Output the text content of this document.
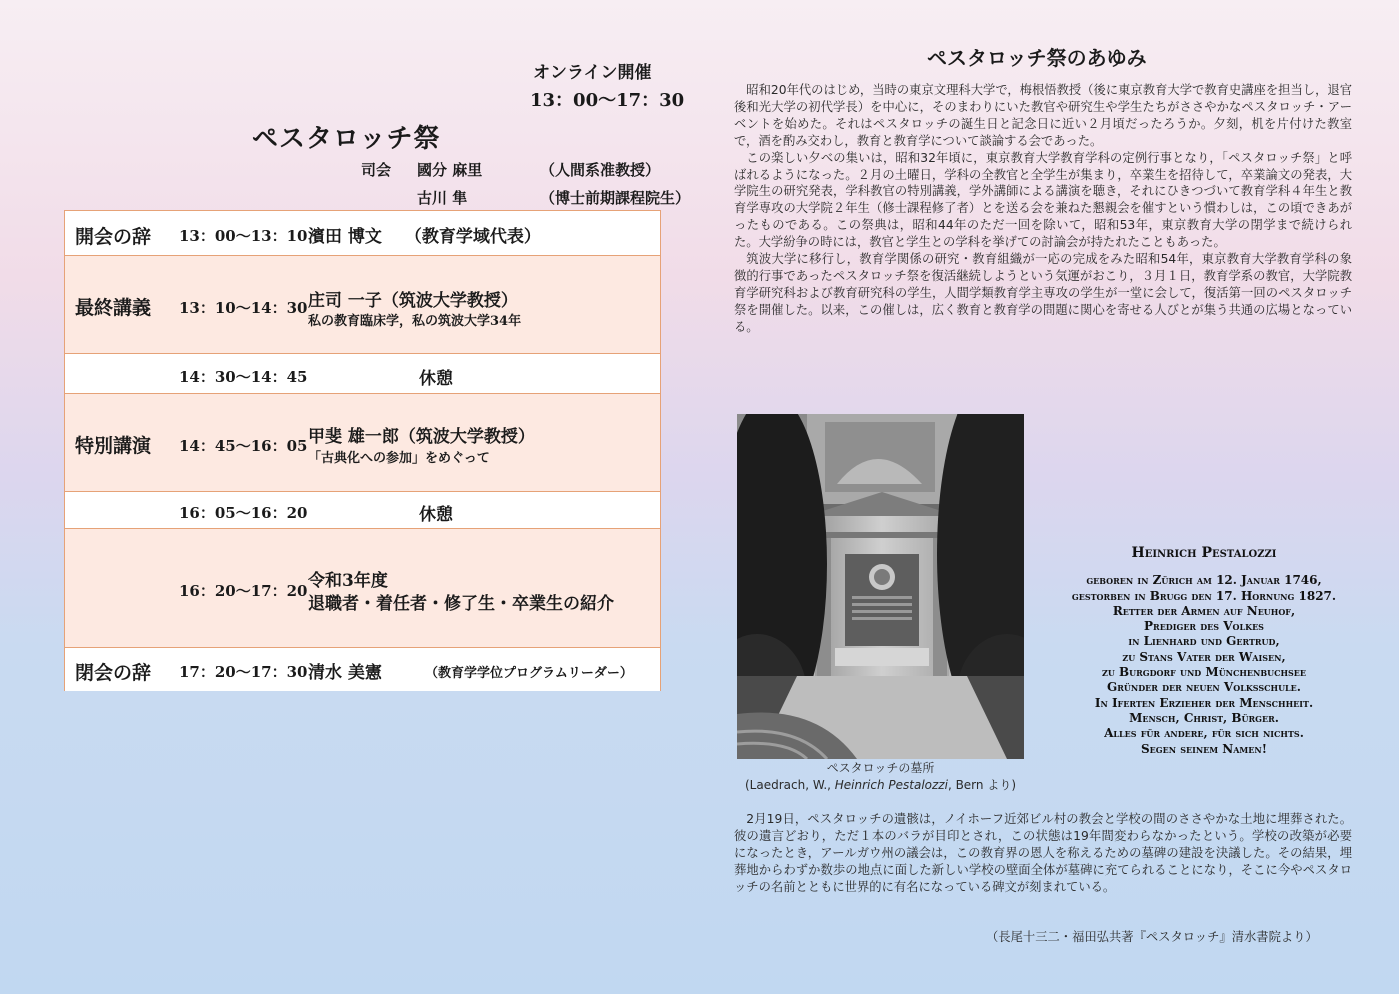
オンライン開催
13：00～17：30
ペスタロッチ祭
司会 國分 麻里	（人間系准教授）
古川 隼	（博士前期課程院生）
開会の辞 13：00～13：10 濱田 博文　 （教育学域代表）
最終講義 13：10～14：30 庄司 一子（筑波大学教授）
私の教育臨床学，私の筑波大学34年
14：30～14：45	休憩
特別講演 14：45～16：05 甲斐 雄一郎（筑波大学教授）
「古典化への参加」をめぐって
16：05～16：20	休憩
16：20～17：20 令和3年度
退職者・着任者・修了生・卒業生の紹介
閉会の辞 17：20～17：30 清水 美憲	（教育学学位プログラムリーダー）
ペスタロッチ祭のあゆみ
昭和20年代のはじめ，当時の東京文理科大学で，梅根悟教授（後に東京教育大学で教育史講座を担当し，退官後和光大学の初代学長）を中心に，そのまわりにいた教官や研究生や学生たちがささやかなペスタロッチ・アーベントを始めた。それはペスタロッチの誕生日と記念日に近い２月頃だったろうか。夕刻，机を片付けた教室で，酒を酌み交わし，教育と教育学について談論する会であった。
この楽しい夕べの集いは，昭和32年頃に，東京教育大学教育学科の定例行事となり，「ペスタロッチ祭」と呼ばれるようになった。２月の土曜日，学科の全教官と全学生が集まり，卒業生を招待して，卒業論文の発表，大学院生の研究発表，学科教官の特別講義，学外講師による講演を聴き，それにひきつづいて教育学科４年生と教育学専攻の大学院２年生（修士課程修了者）とを送る会を兼ねた懇親会を催すという慣わしは，この頃できあがったものである。この祭典は，昭和44年のただ一回を除いて，昭和53年，東京教育大学の閉学まで続けられた。大学紛争の時には，教官と学生との学科を挙げての討論会が持たれたこともあった。
筑波大学に移行し，教育学関係の研究・教育組織が一応の完成をみた昭和54年，東京教育大学教育学科の象徴的行事であったペスタロッチ祭を復活継続しようという気運がおこり，３月１日，教育学系の教官，大学院教育学研究科および教育研究科の学生，人間学類教育学主専攻の学生が一堂に会して，復活第一回のペスタロッチ祭を開催した。以来，この催しは，広く教育と教育学の問題に関心を寄せる人びとが集う共通の広場となっている。
ペスタロッチの墓所
(Laedrach, W., Heinrich Pestalozzi, Bern より)
Heinrich Pestalozzi
geboren in Zürich am 12. Januar 1746,
gestorben in Brugg den 17. Hornung 1827.
Retter der Armen auf Neuhof,
Prediger des Volkes
in Lienhard und Gertrud,
zu Stans Vater der Waisen,
zu Burgdorf und Münchenbuchsee
Gründer der neuen Volksschule.
In Iferten Erzieher der Menschheit.
Mensch, Christ, Bürger.
Alles für andere, für sich nichts.
Segen seinem Namen!
2月19日，ペスタロッチの遺骸は，ノイホーフ近郊ビル村の教会と学校の間のささやかな土地に埋葬された。彼の遺言どおり，ただ１本のバラが目印とされ，この状態は19年間変わらなかったという。学校の改築が必要になったとき，アールガウ州の議会は，この教育界の恩人を称えるための墓碑の建設を決議した。その結果，埋葬地からわずか数歩の地点に面した新しい学校の壁面全体が墓碑に充てられることになり，そこに今やペスタロッチの名前とともに世界的に有名になっている碑文が刻まれている。
（長尾十三二・福田弘共著『ペスタロッチ』清水書院より）
